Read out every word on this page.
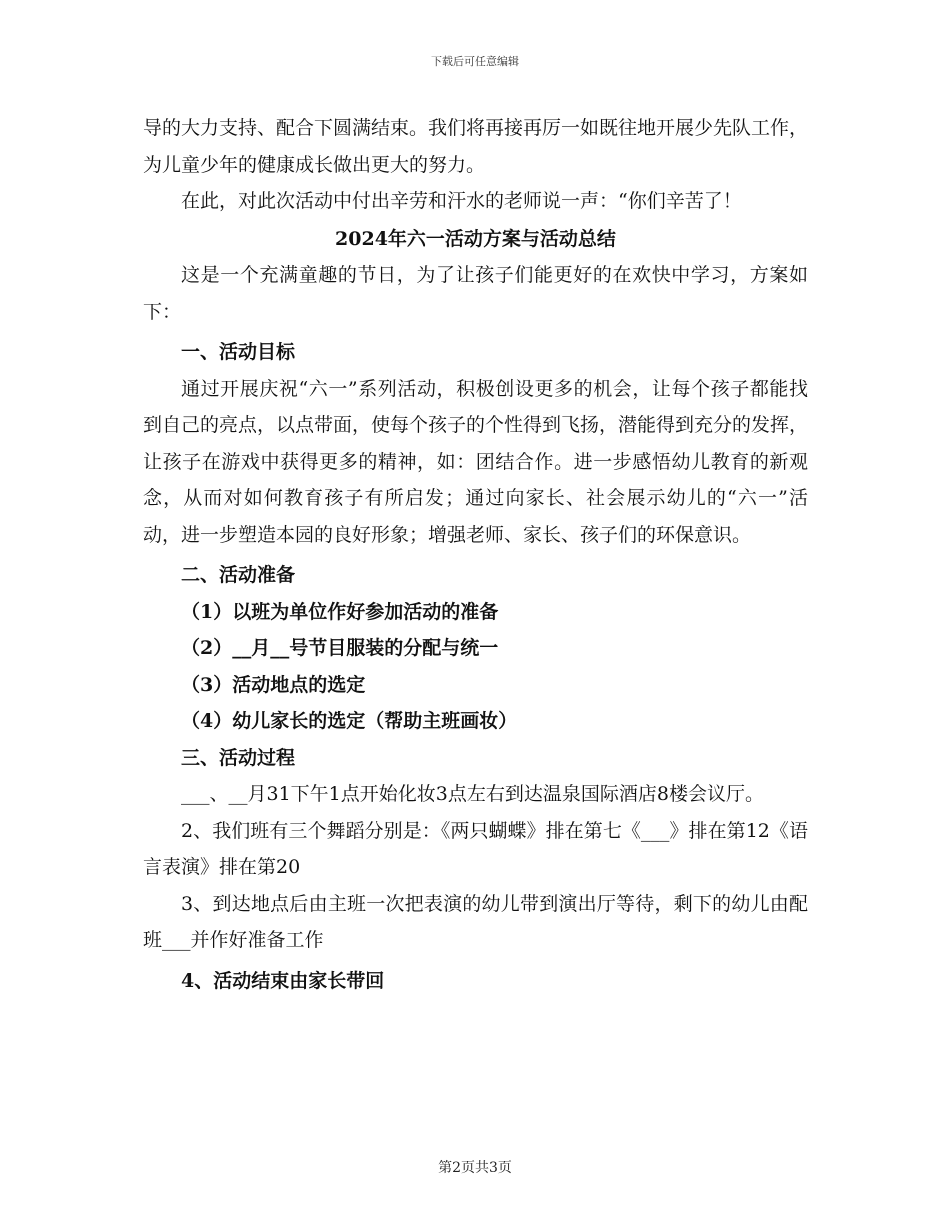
下载后可任意编辑

导的大力支持、配合下圆满结束。我们将再接再厉一如既往地开展少先队工作，为儿童少年的健康成长做出更大的努力。

在此，对此次活动中付出辛劳和汗水的老师说一声：“你们辛苦了！

2024年六一活动方案与活动总结

这是一个充满童趣的节日，为了让孩子们能更好的在欢快中学习，方案如下：

一、活动目标

通过开展庆祝“六一”系列活动，积极创设更多的机会，让每个孩子都能找到自己的亮点，以点带面，使每个孩子的个性得到飞扬，潜能得到充分的发挥，让孩子在游戏中获得更多的精神，如：团结合作。进一步感悟幼儿教育的新观念，从而对如何教育孩子有所启发；通过向家长、社会展示幼儿的“六一”活动，进一步塑造本园的良好形象；增强老师、家长、孩子们的环保意识。

二、活动准备

（1）以班为单位作好参加活动的准备

（2）__月__号节目服装的分配与统一

（3）活动地点的选定

（4）幼儿家长的选定（帮助主班画妆）

三、活动过程

___、__月31下午1点开始化妆3点左右到达温泉国际酒店8楼会议厅。

2、我们班有三个舞蹈分别是：《两只蝴蝶》排在第七《___》排在第12《语言表演》排在第20

3、到达地点后由主班一次把表演的幼儿带到演出厅等待，剩下的幼儿由配班___并作好准备工作

4、活动结束由家长带回

第2页共3页
